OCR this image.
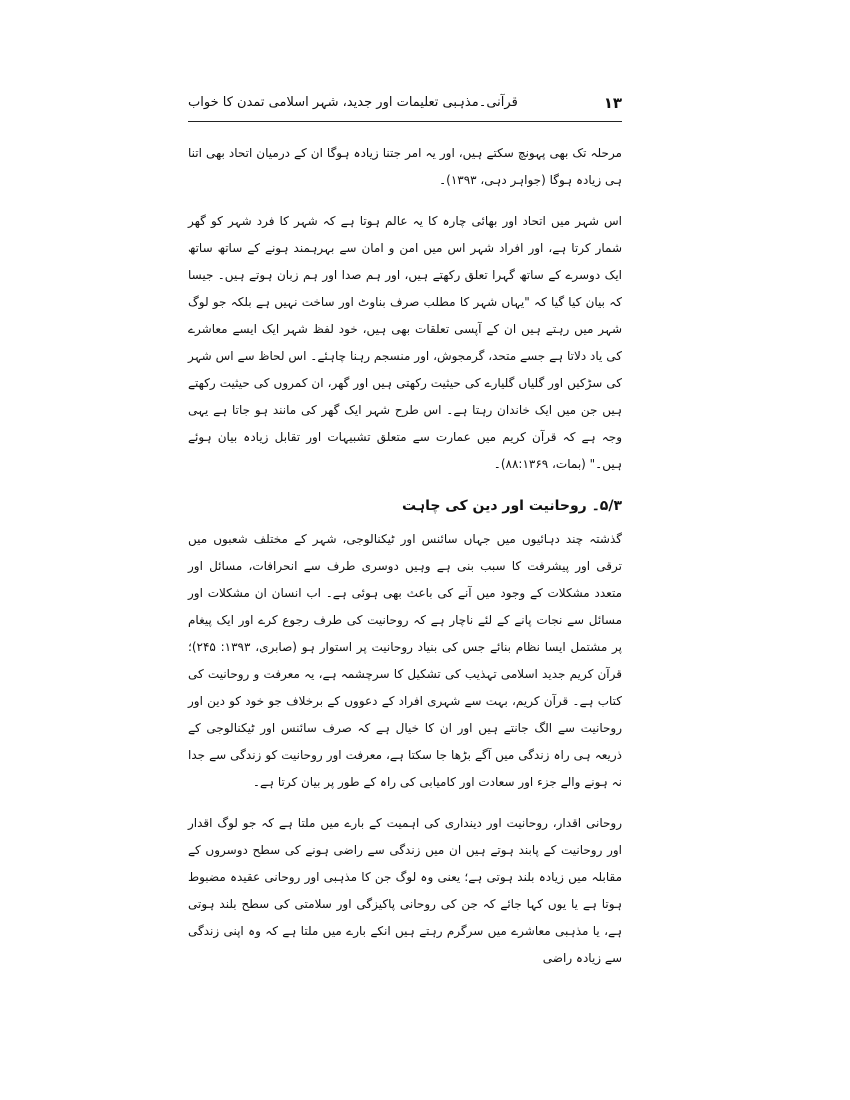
۱۳
قرآنی۔مذہبی تعلیمات اور جدید، شہر اسلامی تمدن کا خواب

مرحلہ تک بھی پہونچ سکتے ہیں، اور یہ امر جتنا زیادہ ہوگا ان کے درمیان اتحاد بھی اتنا ہی زیادہ ہوگا (جواہر دہی، ۱۳۹۳)۔

اس شہر میں اتحاد اور بھائی چارہ کا یہ عالم ہوتا ہے کہ شہر کا فرد شہر کو گھر شمار کرتا ہے، اور افراد شہر اس میں امن و امان سے بہرہمند ہونے کے ساتھ ساتھ ایک دوسرے کے ساتھ گہرا تعلق رکھتے ہیں، اور ہم صدا اور ہم زبان ہوتے ہیں۔ جیسا کہ بیان کیا گیا کہ "یہاں شہر کا مطلب صرف بناوٹ اور ساخت نہیں ہے بلکہ جو لوگ شہر میں رہتے ہیں ان کے آپسی تعلقات بھی ہیں، خود لفظ شہر ایک ایسے معاشرے کی یاد دلاتا ہے جسے متحد، گرمجوش، اور منسجم رہنا چاہئے۔ اس لحاظ سے اس شہر کی سڑکیں اور گلیاں گلیارے کی حیثیت رکھتی ہیں اور گھر، ان کمروں کی حیثیت رکھتے ہیں جن میں ایک خاندان رہتا ہے۔ اس طرح شہر ایک گھر کی مانند ہو جاتا ہے یہی وجہ ہے کہ قرآن کریم میں عمارت سے متعلق تشبیہات اور تقابل زیادہ بیان ہوئے ہیں۔" (بمات، ۸۸:۱۳۶۹)۔

۵/۳۔ روحانیت اور دین کی چاہت

گذشتہ چند دہائیوں میں جہاں سائنس اور ٹیکنالوجی، شہر کے مختلف شعبوں میں ترقی اور پیشرفت کا سبب بنی ہے وہیں دوسری طرف سے انحرافات، مسائل اور متعدد مشکلات کے وجود میں آنے کی باعث بھی ہوئی ہے۔ اب انسان ان مشکلات اور مسائل سے نجات پانے کے لئے ناچار ہے کہ روحانیت کی طرف رجوع کرے اور ایک پیغام پر مشتمل ایسا نظام بنائے جس کی بنیاد روحانیت پر استوار ہو (صابری، ۱۳۹۳: ۲۴۵)؛ قرآن کریم جدید اسلامی تہذیب کی تشکیل کا سرچشمہ ہے، یہ معرفت و روحانیت کی کتاب ہے۔ قرآن کریم، بہت سے شہری افراد کے دعووں کے برخلاف جو خود کو دین اور روحانیت سے الگ جانتے ہیں اور ان کا خیال ہے کہ صرف سائنس اور ٹیکنالوجی کے ذریعہ ہی راہ زندگی میں آگے بڑھا جا سکتا ہے، معرفت اور روحانیت کو زندگی سے جدا نہ ہونے والے جزء اور سعادت اور کامیابی کی راہ کے طور پر بیان کرتا ہے۔

روحانی اقدار، روحانیت اور دینداری کی اہمیت کے بارے میں ملتا ہے کہ جو لوگ اقدار اور روحانیت کے پابند ہوتے ہیں ان میں زندگی سے راضی ہونے کی سطح دوسروں کے مقابلہ میں زیادہ بلند ہوتی ہے؛ یعنی وہ لوگ جن کا مذہبی اور روحانی عقیدہ مضبوط ہوتا ہے یا یوں کہا جائے کہ جن کی روحانی پاکیزگی اور سلامتی کی سطح بلند ہوتی ہے، یا مذہبی معاشرے میں سرگرم رہتے ہیں انکے بارے میں ملتا ہے کہ وہ اپنی زندگی سے زیادہ راضی
